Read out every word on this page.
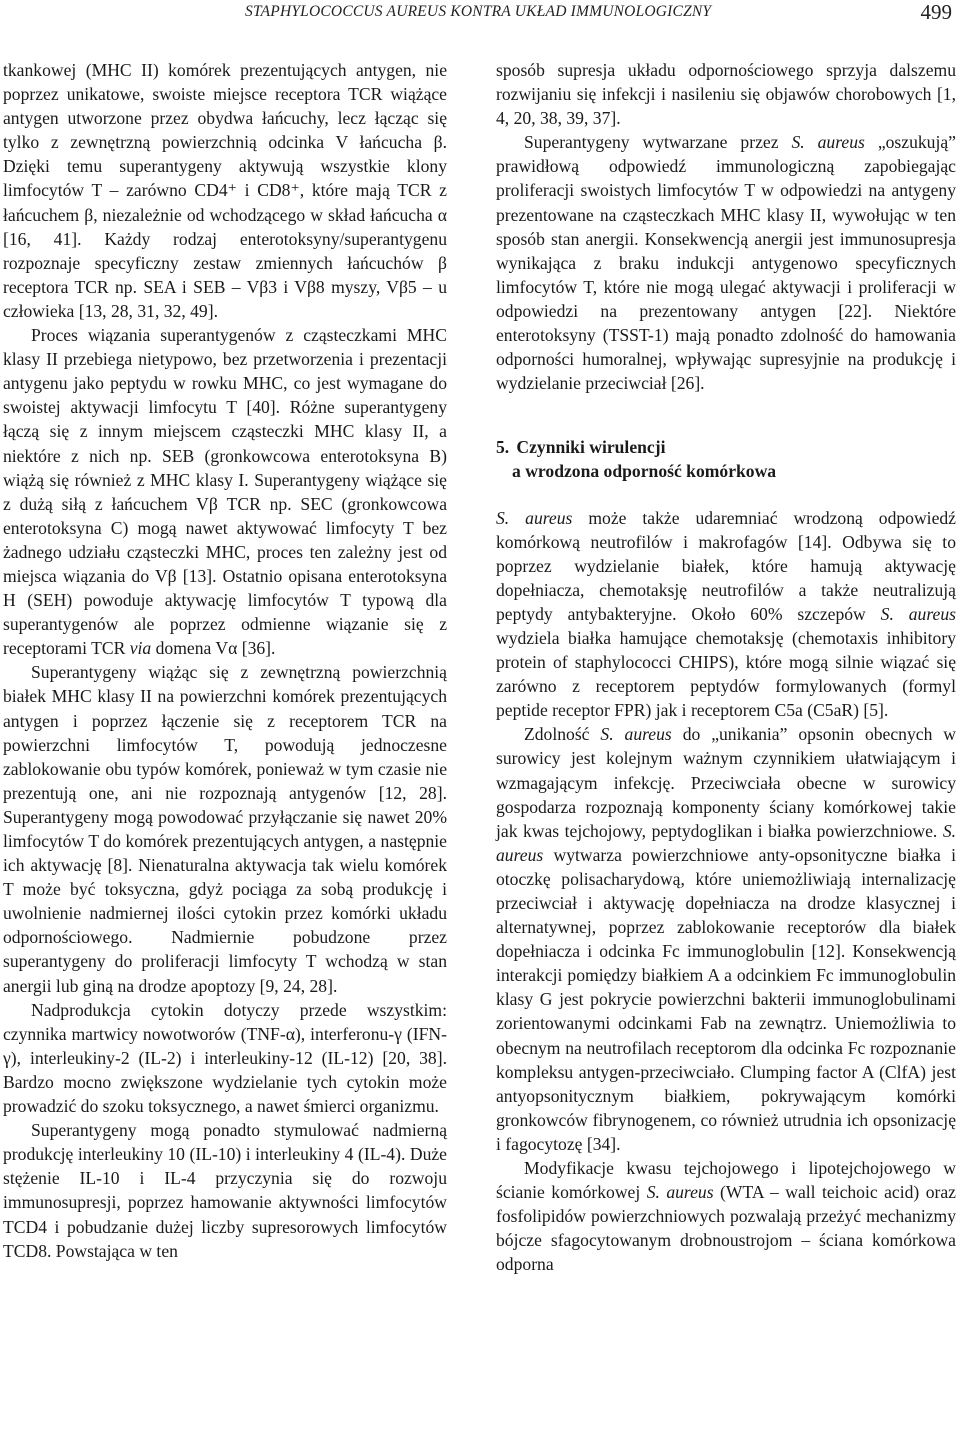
STAPHYLOCOCCUS AUREUS KONTRA UKŁAD IMMUNOLOGICZNY	499

tkankowej (MHC II) komórek prezentujących antygen, nie poprzez unikatowe, swoiste miejsce receptora TCR wiążące antygen utworzone przez obydwa łańcuchy, lecz łącząc się tylko z zewnętrzną powierzchnią odcinka V łańcucha β. Dzięki temu superantygeny aktywują wszystkie klony limfocytów T – zarówno CD4⁺ i CD8⁺, które mają TCR z łańcuchem β, niezależnie od wchodzącego w skład łańcucha α [16, 41]. Każdy rodzaj enterotoksyny/superantygenu rozpoznaje specyficzny zestaw zmiennych łańcuchów β receptora TCR np. SEA i SEB – Vβ3 i Vβ8 myszy, Vβ5 – u człowieka [13, 28, 31, 32, 49].

Proces wiązania superantygenów z cząsteczkami MHC klasy II przebiega nietypowo, bez przetworzenia i prezentacji antygenu jako peptydu w rowku MHC, co jest wymagane do swoistej aktywacji limfocytu T [40]. Różne superantygeny łączą się z innym miejscem cząsteczki MHC klasy II, a niektóre z nich np. SEB (gronkowcowa enterotoksyna B) wiążą się również z MHC klasy I. Superantygeny wiążące się z dużą siłą z łańcuchem Vβ TCR np. SEC (gronkowcowa enterotoksyna C) mogą nawet aktywować limfocyty T bez żadnego udziału cząsteczki MHC, proces ten zależny jest od miejsca wiązania do Vβ [13]. Ostatnio opisana enterotoksyna H (SEH) powoduje aktywację limfocytów T typową dla superantygenów ale poprzez odmienne wiązanie się z receptorami TCR via domena Vα [36].

Superantygeny wiążąc się z zewnętrzną powierzchnią białek MHC klasy II na powierzchni komórek prezentujących antygen i poprzez łączenie się z receptorem TCR na powierzchni limfocytów T, powodują jednoczesne zablokowanie obu typów komórek, ponieważ w tym czasie nie prezentują one, ani nie rozpoznają antygenów [12, 28]. Superantygeny mogą powodować przyłączanie się nawet 20% limfocytów T do komórek prezentujących antygen, a następnie ich aktywację [8]. Nienaturalna aktywacja tak wielu komórek T może być toksyczna, gdyż pociąga za sobą produkcję i uwolnienie nadmiernej ilości cytokin przez komórki układu odpornościowego. Nadmiernie pobudzone przez superantygeny do proliferacji limfocyty T wchodzą w stan anergii lub giną na drodze apoptozy [9, 24, 28].

Nadprodukcja cytokin dotyczy przede wszystkim: czynnika martwicy nowotworów (TNF-α), interferonu-γ (IFN-γ), interleukiny-2 (IL-2) i interleukiny-12 (IL-12) [20, 38]. Bardzo mocno zwiększone wydzielanie tych cytokin może prowadzić do szoku toksycznego, a nawet śmierci organizmu.

Superantygeny mogą ponadto stymulować nadmierną produkcję interleukiny 10 (IL-10) i interleukiny 4 (IL-4). Duże stężenie IL-10 i IL-4 przyczynia się do rozwoju immunosupresji, poprzez hamowanie aktywności limfocytów TCD4 i pobudzanie dużej liczby supresorowych limfocytów TCD8. Powstająca w ten

sposób supresja układu odpornościowego sprzyja dalszemu rozwijaniu się infekcji i nasileniu się objawów chorobowych [1, 4, 20, 38, 39, 37].

Superantygeny wytwarzane przez S. aureus „oszukują” prawidłową odpowiedź immunologiczną zapobiegając proliferacji swoistych limfocytów T w odpowiedzi na antygeny prezentowane na cząsteczkach MHC klasy II, wywołując w ten sposób stan anergii. Konsekwencją anergii jest immunosupresja wynikająca z braku indukcji antygenowo specyficznych limfocytów T, które nie mogą ulegać aktywacji i proliferacji w odpowiedzi na prezentowany antygen [22]. Niektóre enterotoksyny (TSST-1) mają ponadto zdolność do hamowania odporności humoralnej, wpływając supresyjnie na produkcję i wydzielanie przeciwciał [26].

5. Czynniki wirulencji
a wrodzona odporność komórkowa

S. aureus może także udaremniać wrodzoną odpowiedź komórkową neutrofilów i makrofagów [14]. Odbywa się to poprzez wydzielanie białek, które hamują aktywację dopełniacza, chemotaksję neutrofilów a także neutralizują peptydy antybakteryjne. Około 60% szczepów S. aureus wydziela białka hamujące chemotaksję (chemotaxis inhibitory protein of staphylococci CHIPS), które mogą silnie wiązać się zarówno z receptorem peptydów formylowanych (formyl peptide receptor FPR) jak i receptorem C5a (C5aR) [5].

Zdolność S. aureus do „unikania” opsonin obecnych w surowicy jest kolejnym ważnym czynnikiem ułatwiającym i wzmagającym infekcję. Przeciwciała obecne w surowicy gospodarza rozpoznają komponenty ściany komórkowej takie jak kwas tejchojowy, peptydoglikan i białka powierzchniowe. S. aureus wytwarza powierzchniowe anty-opsonityczne białka i otoczkę polisacharydową, które uniemożliwiają internalizację przeciwciał i aktywację dopełniacza na drodze klasycznej i alternatywnej, poprzez zablokowanie receptorów dla białek dopełniacza i odcinka Fc immunoglobulin [12]. Konsekwencją interakcji pomiędzy białkiem A a odcinkiem Fc immunoglobulin klasy G jest pokrycie powierzchni bakterii immunoglobulinami zorientowanymi odcinkami Fab na zewnątrz. Uniemożliwia to obecnym na neutrofilach receptorom dla odcinka Fc rozpoznanie kompleksu antygen-przeciwciało. Clumping factor A (ClfA) jest antyopsonitycznym białkiem, pokrywającym komórki gronkowców fibrynogenem, co również utrudnia ich opsonizację i fagocytozę [34].

Modyfikacje kwasu tejchojowego i lipotejchojowego w ścianie komórkowej S. aureus (WTA – wall teichoic acid) oraz fosfolipidów powierzchniowych pozwalają przeżyć mechanizmy bójcze sfagocytowanym drobnoustrojom – ściana komórkowa odporna
